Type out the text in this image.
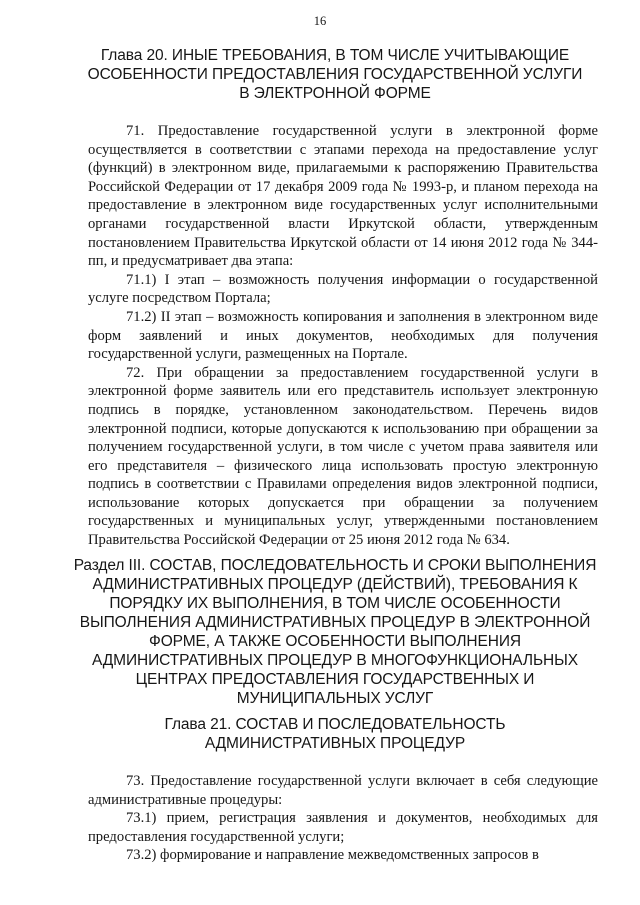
16
Глава 20. ИНЫЕ ТРЕБОВАНИЯ, В ТОМ ЧИСЛЕ УЧИТЫВАЮЩИЕ
ОСОБЕННОСТИ ПРЕДОСТАВЛЕНИЯ ГОСУДАРСТВЕННОЙ УСЛУГИ
В ЭЛЕКТРОННОЙ ФОРМЕ

71. Предоставление государственной услуги в электронной форме осуществляется в соответствии с этапами перехода на предоставление услуг (функций) в электронном виде, прилагаемыми к распоряжению Правительства Российской Федерации от 17 декабря 2009 года № 1993-р, и планом перехода на предоставление в электронном виде государственных услуг исполнительными органами государственной власти Иркутской области, утвержденным постановлением Правительства Иркутской области от 14 июня 2012 года № 344-пп, и предусматривает два этапа:

71.1) I этап – возможность получения информации о государственной услуге посредством Портала;

71.2) II этап – возможность копирования и заполнения в электронном виде форм заявлений и иных документов, необходимых для получения государственной услуги, размещенных на Портале.

72. При обращении за предоставлением государственной услуги в электронной форме заявитель или его представитель использует электронную подпись в порядке, установленном законодательством. Перечень видов электронной подписи, которые допускаются к использованию при обращении за получением государственной услуги, в том числе с учетом права заявителя или его представителя – физического лица использовать простую электронную подпись в соответствии с Правилами определения видов электронной подписи, использование которых допускается при обращении за получением государственных и муниципальных услуг, утвержденными постановлением Правительства Российской Федерации от 25 июня 2012 года № 634.

Раздел III. СОСТАВ, ПОСЛЕДОВАТЕЛЬНОСТЬ И СРОКИ ВЫПОЛНЕНИЯ
АДМИНИСТРАТИВНЫХ ПРОЦЕДУР (ДЕЙСТВИЙ), ТРЕБОВАНИЯ К
ПОРЯДКУ ИХ ВЫПОЛНЕНИЯ, В ТОМ ЧИСЛЕ ОСОБЕННОСТИ
ВЫПОЛНЕНИЯ АДМИНИСТРАТИВНЫХ ПРОЦЕДУР В ЭЛЕКТРОННОЙ
ФОРМЕ, А ТАКЖЕ ОСОБЕННОСТИ ВЫПОЛНЕНИЯ
АДМИНИСТРАТИВНЫХ ПРОЦЕДУР В МНОГОФУНКЦИОНАЛЬНЫХ
ЦЕНТРАХ ПРЕДОСТАВЛЕНИЯ ГОСУДАРСТВЕННЫХ И
МУНИЦИПАЛЬНЫХ УСЛУГ
Глава 21. СОСТАВ И ПОСЛЕДОВАТЕЛЬНОСТЬ
АДМИНИСТРАТИВНЫХ ПРОЦЕДУР

73. Предоставление государственной услуги включает в себя следующие административные процедуры:

73.1) прием, регистрация заявления и документов, необходимых для предоставления государственной услуги;

73.2) формирование и направление межведомственных запросов в
